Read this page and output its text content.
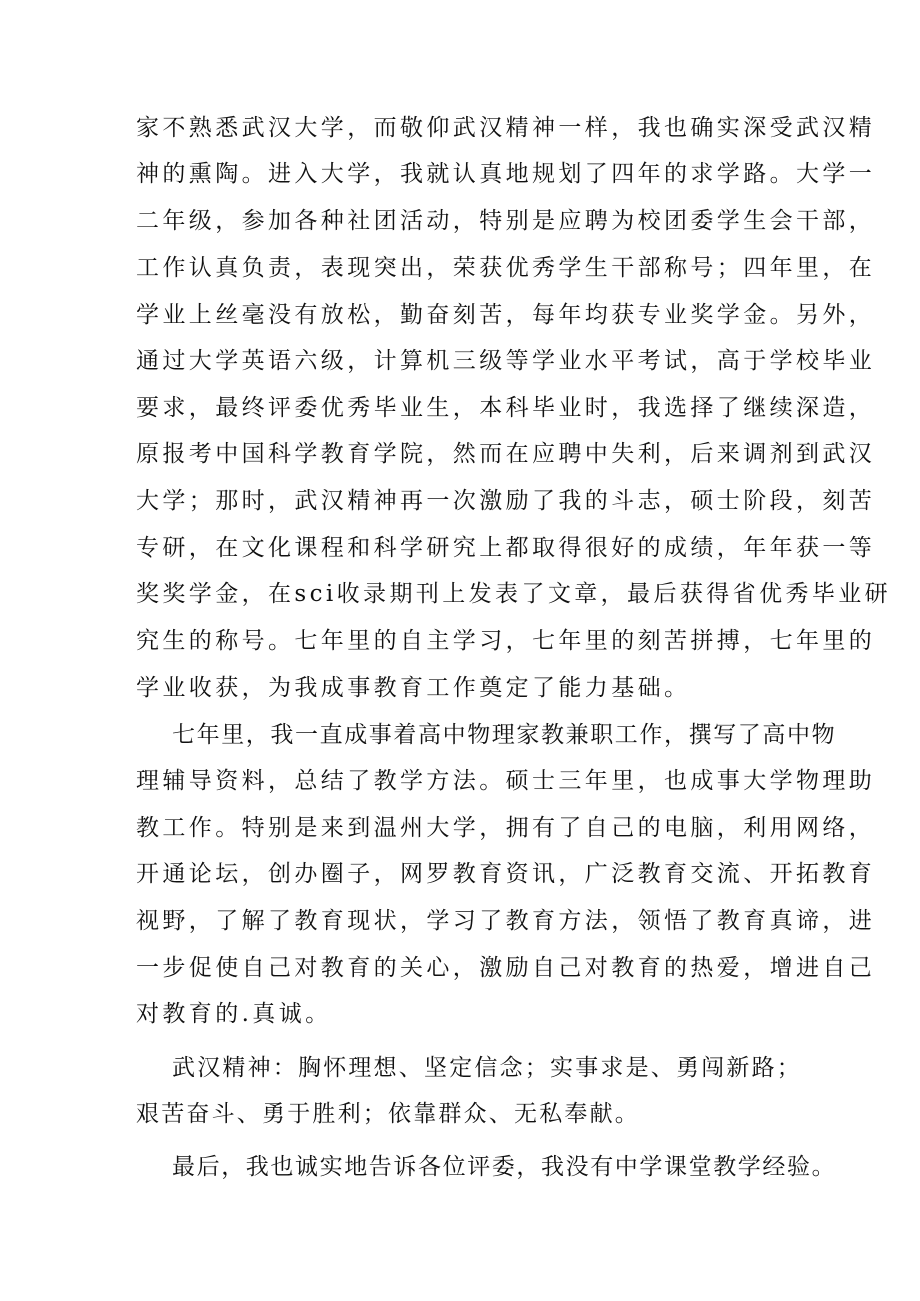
家不熟悉武汉大学，而敬仰武汉精神一样，我也确实深受武汉精
神的熏陶。进入大学，我就认真地规划了四年的求学路。大学一
二年级，参加各种社团活动，特别是应聘为校团委学生会干部，
工作认真负责，表现突出，荣获优秀学生干部称号；四年里，在
学业上丝毫没有放松，勤奋刻苦，每年均获专业奖学金。另外，
通过大学英语六级，计算机三级等学业水平考试，高于学校毕业
要求，最终评委优秀毕业生，本科毕业时，我选择了继续深造，
原报考中国科学教育学院，然而在应聘中失利，后来调剂到武汉
大学；那时，武汉精神再一次激励了我的斗志，硕士阶段，刻苦
专研，在文化课程和科学研究上都取得很好的成绩，年年获一等
奖奖学金，在sci收录期刊上发表了文章，最后获得省优秀毕业研
究生的称号。七年里的自主学习，七年里的刻苦拼搏，七年里的
学业收获，为我成事教育工作奠定了能力基础。
七年里，我一直成事着高中物理家教兼职工作，撰写了高中物
理辅导资料，总结了教学方法。硕士三年里，也成事大学物理助
教工作。特别是来到温州大学，拥有了自己的电脑，利用网络，
开通论坛，创办圈子，网罗教育资讯，广泛教育交流、开拓教育
视野，了解了教育现状，学习了教育方法，领悟了教育真谛，进
一步促使自己对教育的关心，激励自己对教育的热爱，增进自己
对教育的.真诚。
武汉精神：胸怀理想、坚定信念；实事求是、勇闯新路；
艰苦奋斗、勇于胜利；依靠群众、无私奉献。
最后，我也诚实地告诉各位评委，我没有中学课堂教学经验。
